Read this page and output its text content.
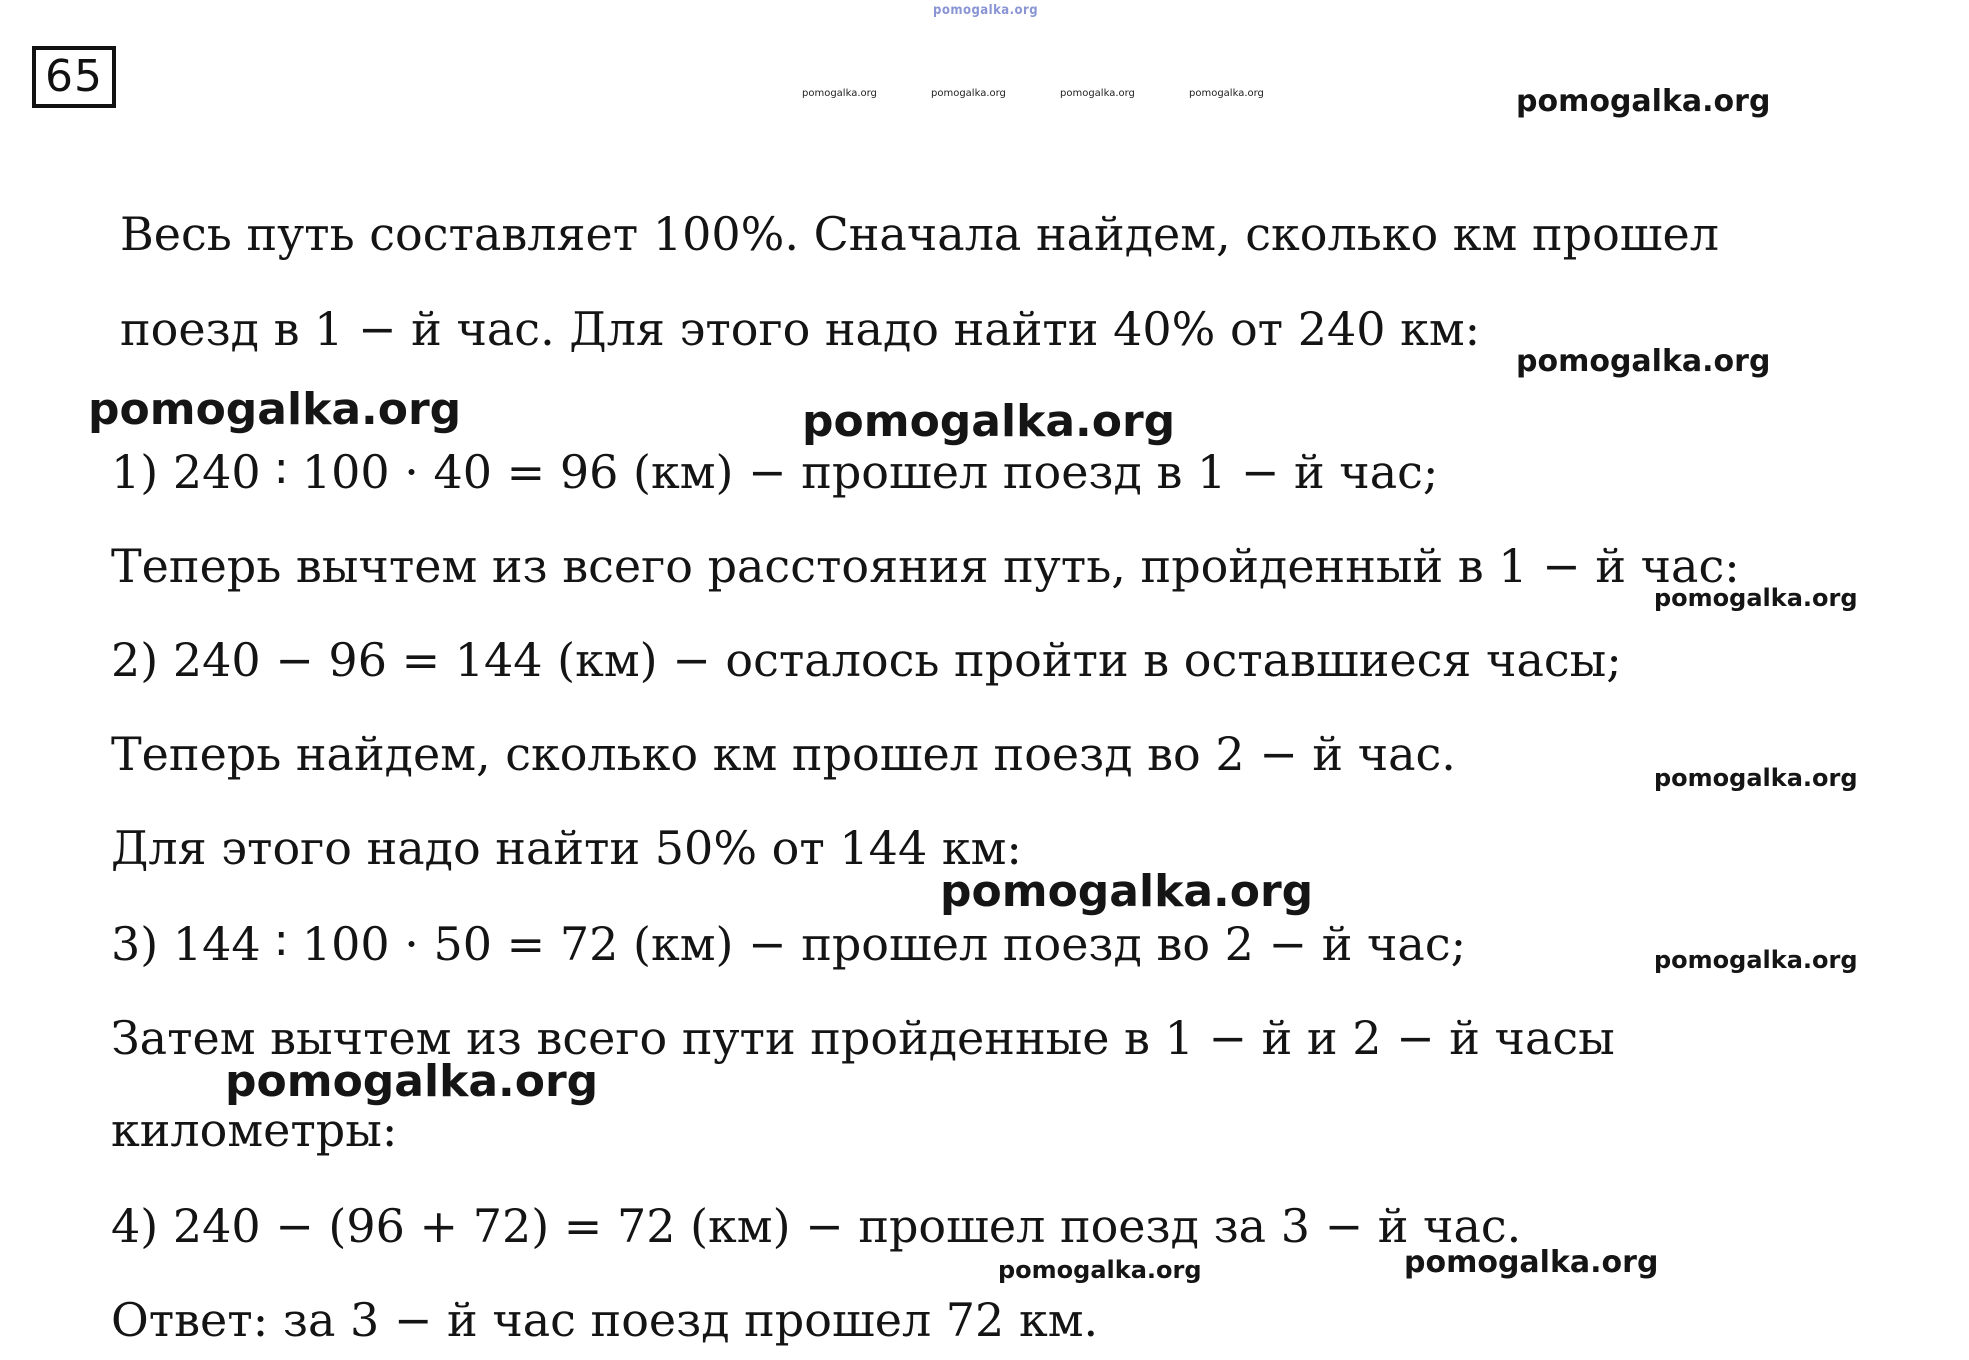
65
pomogalka.org
pomogalka.org	pomogalka.org	pomogalka.org	pomogalka.org	pomogalka.org
Весь путь составляет 100%. Сначала найдем, сколько км прошел
поезд в 1 − й час. Для этого надо найти 40% от 240 км:
pomogalka.org
pomogalka.org	pomogalka.org
1) 240 ∶ 100 · 40 = 96 (км) − прошел поезд в 1 − й час;
Теперь вычтем из всего расстояния путь, пройденный в 1 − й час:
pomogalka.org
2) 240 − 96 = 144 (км) − осталось пройти в оставшиеся часы;
Теперь найдем, сколько км прошел поезд во 2 − й час.	pomogalka.org
Для этого надо найти 50% от 144 км:
pomogalka.org
3) 144 ∶ 100 · 50 = 72 (км) − прошел поезд во 2 − й час;	pomogalka.org
Затем вычтем из всего пути пройденные в 1 − й и 2 − й часы
pomogalka.org
километры:
4) 240 − (96 + 72) = 72 (км) − прошел поезд за 3 − й час.
pomogalka.org	pomogalka.org
Ответ: за 3 − й час поезд прошел 72 км.
